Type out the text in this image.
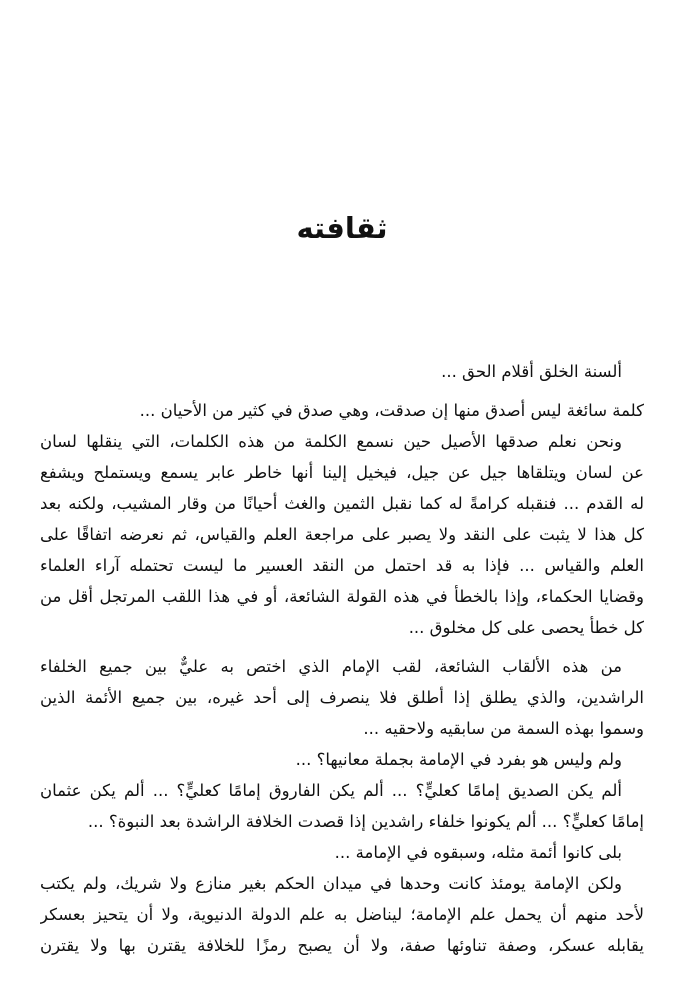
ثقافته
ألسنة الخلق أقلام الحق ...
كلمة سائغة ليس أصدق منها إن صدقت، وهي صدق في كثير من الأحيان ...
ونحن نعلم صدقها الأصيل حين نسمع الكلمة من هذه الكلمات، التي ينقلها لسان
عن لسان ويتلقاها جيل عن جيل، فيخيل إلينا أنها خاطر عابر يسمع ويستملح ويشفع
له القدم ... فنقبله كرامةً له كما نقبل الثمين والغث أحيانًا من وقار المشيب، ولكنه بعد
كل هذا لا يثبت على النقد ولا يصبر على مراجعة العلم والقياس، ثم نعرضه اتفاقًا على
العلم والقياس ... فإذا به قد احتمل من النقد العسير ما ليست تحتمله آراء العلماء
وقضايا الحكماء، وإذا بالخطأ في هذه القولة الشائعة، أو في هذا اللقب المرتجل أقل من
كل خطأ يحصى على كل مخلوق ...
من هذه الألقاب الشائعة، لقب الإمام الذي اختص به عليٌّ بين جميع الخلفاء
الراشدين، والذي يطلق إذا أطلق فلا ينصرف إلى أحد غيره، بين جميع الأئمة الذين
وسموا بهذه السمة من سابقيه ولاحقيه ...
ولم وليس هو بفرد في الإمامة بجملة معانيها؟ ...
ألم يكن الصديق إمامًا كعليٍّ؟ ... ألم يكن الفاروق إمامًا كعليٍّ؟ ... ألم يكن عثمان
إمامًا كعليٍّ؟ ... ألم يكونوا خلفاء راشدين إذا قصدت الخلافة الراشدة بعد النبوة؟ ...
بلى كانوا أئمة مثله، وسبقوه في الإمامة ...
ولكن الإمامة يومئذ كانت وحدها في ميدان الحكم بغير منازع ولا شريك، ولم يكتب
لأحد منهم أن يحمل علم الإمامة؛ ليناضل به علم الدولة الدنيوية، ولا أن يتحيز بعسكر
يقابله عسكر، وصفة تناوئها صفة، ولا أن يصبح رمزًا للخلافة يقترن بها ولا يقترن
